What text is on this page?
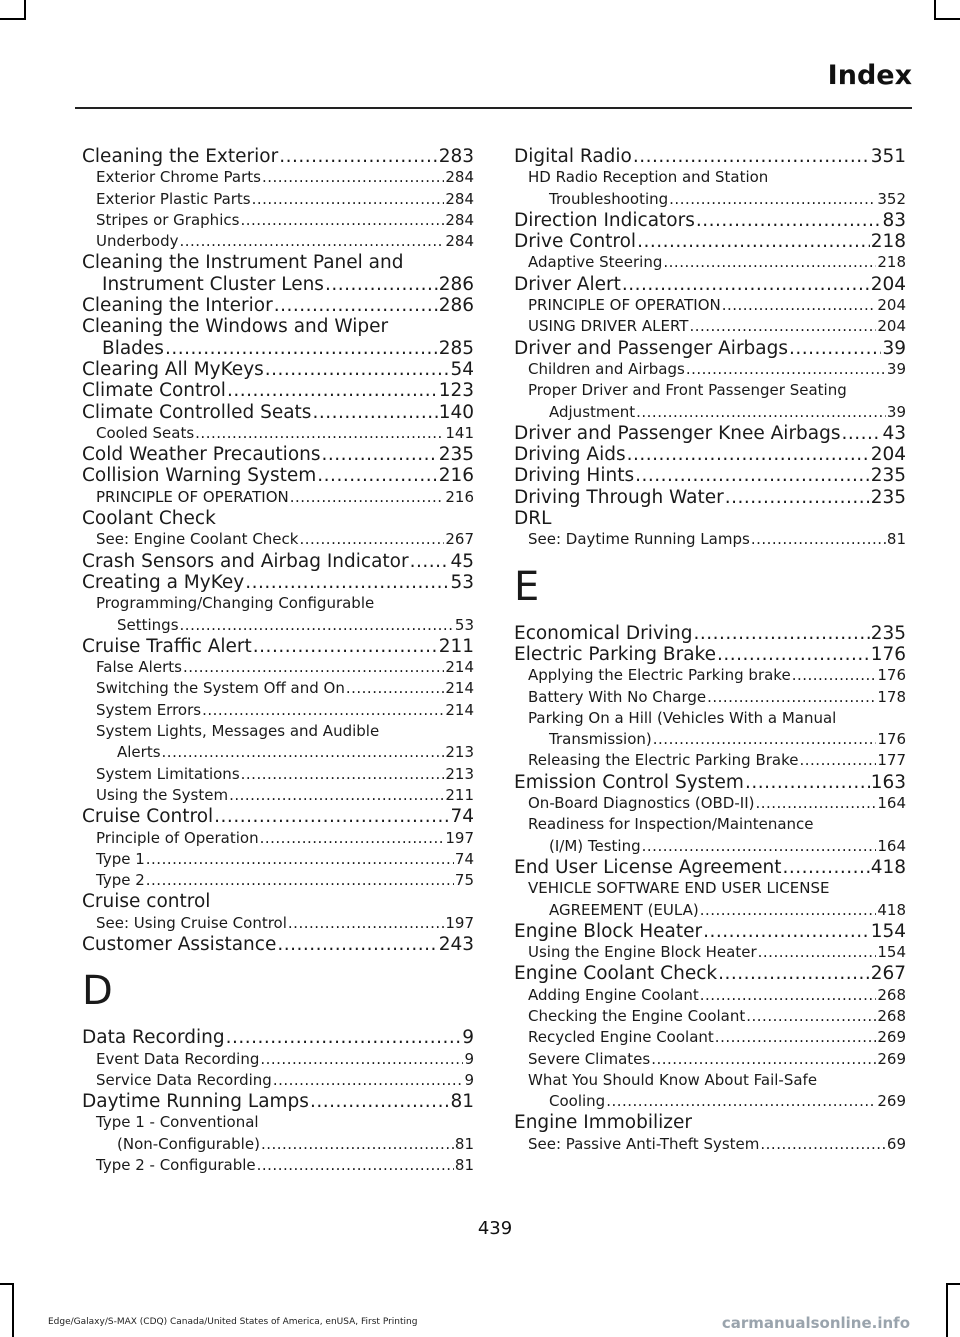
Index
Cleaning the Exterior .....	283
Exterior Chrome Parts .....	284
Exterior Plastic Parts .....	284
Stripes or Graphics .....	284
Underbody .....	284
Cleaning the Instrument Panel and
Instrument Cluster Lens .....	286
Cleaning the Interior .....	286
Cleaning the Windows and Wiper
Blades .....	285
Clearing All MyKeys .....	54
Climate Control .....	123
Climate Controlled Seats .....	140
Cooled Seats .....	141
Cold Weather Precautions .....	235
Collision Warning System .....	216
PRINCIPLE OF OPERATION .....	216
Coolant Check
See: Engine Coolant Check .....	267
Crash Sensors and Airbag Indicator ..... 45
Creating a MyKey .....	53
Programming/Changing Configurable
Settings .....	53
Cruise Traffic Alert .....	211
False Alerts .....	214
Switching the System Off and On .....	214
System Errors .....	214
System Lights, Messages and Audible
Alerts .....	213
System Limitations .....	213
Using the System .....	211
Cruise Control .....	74
Principle of Operation .....	197
Type 1 .....	74
Type 2 .....	75
Cruise control
See: Using Cruise Control .....	197
Customer Assistance .....	243
D
Data Recording .....	9
Event Data Recording .....	9
Service Data Recording .....	9
Daytime Running Lamps .....	81
Type 1 - Conventional
(Non-Configurable) .....	81
Type 2 - Configurable .....	81
Digital Radio .....	351
HD Radio Reception and Station
Troubleshooting .....	352
Direction Indicators .....	83
Drive Control .....	218
Adaptive Steering .....	218
Driver Alert .....	204
PRINCIPLE OF OPERATION .....	204
USING DRIVER ALERT .....	204
Driver and Passenger Airbags .....	39
Children and Airbags .....	39
Proper Driver and Front Passenger Seating
Adjustment .....	39
Driver and Passenger Knee Airbags ..... 43
Driving Aids .....	204
Driving Hints .....	235
Driving Through Water .....	235
DRL
See: Daytime Running Lamps .....	81
E
Economical Driving .....	235
Electric Parking Brake .....	176
Applying the Electric Parking brake .....	176
Battery With No Charge .....	178
Parking On a Hill (Vehicles With a Manual
Transmission) .....	176
Releasing the Electric Parking Brake .....	177
Emission Control System .....	163
On-Board Diagnostics (OBD-II) .....	164
Readiness for Inspection/Maintenance
(I/M) Testing .....	164
End User License Agreement .....	418
VEHICLE SOFTWARE END USER LICENSE
AGREEMENT (EULA) .....	418
Engine Block Heater .....	154
Using the Engine Block Heater .....	154
Engine Coolant Check .....	267
Adding Engine Coolant .....	268
Checking the Engine Coolant .....	268
Recycled Engine Coolant .....	269
Severe Climates .....	269
What You Should Know About Fail-Safe
Cooling .....	269
Engine Immobilizer
See: Passive Anti-Theft System .....	69
439
Edge/Galaxy/S-MAX (CDQ) Canada/United States of America, enUSA, First Printing	carmanualsonline.info
